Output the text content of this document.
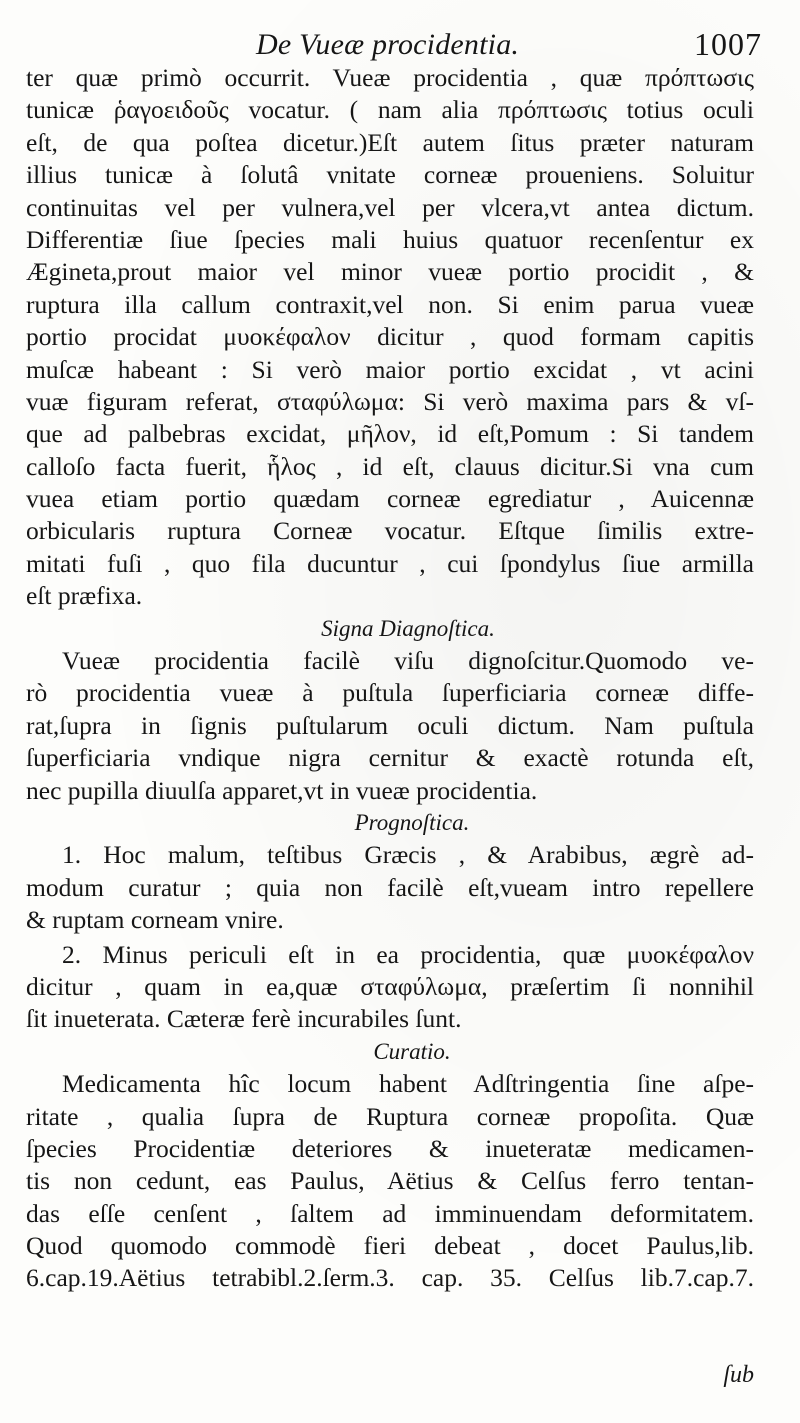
De Vueæ procidentia.	1007
ter quæ primò occurrit. Vueæ procidentia , quæ πρόπτωσις
tunicæ ῥαγοειδοῦς vocatur. ( nam alia πρόπτωσις totius oculi
eſt, de qua poſtea dicetur.)Eſt autem ſitus præter naturam
illius tunicæ à ſolutâ vnitate corneæ proueniens. Soluitur
continuitas vel per vulnera,vel per vlcera,vt antea dictum.
Differentiæ ſiue ſpecies mali huius quatuor recenſentur ex
Ægineta,prout maior vel minor vueæ portio procidit , &
ruptura illa callum contraxit,vel non. Si enim parua vueæ
portio procidat μυοκέφαλον dicitur , quod formam capitis
muſcæ habeant : Si verò maior portio excidat , vt acini
vuæ figuram referat, σταφύλωμα: Si verò maxima pars & vſ-
que ad palbebras excidat, μῆλον, id eſt,Pomum : Si tandem
calloſo facta fuerit, ἧλος , id eſt, clauus dicitur.Si vna cum
vuea etiam portio quædam corneæ egrediatur , Auicennæ
orbicularis ruptura Corneæ vocatur. Eſtque ſimilis extre-
mitati fuſi , quo fila ducuntur , cui ſpondylus ſiue armilla
eſt præfixa.
Signa Diagnoſtica.
Vueæ procidentia facilè viſu dignoſcitur.Quomodo ve-
rò procidentia vueæ à puſtula ſuperficiaria corneæ diffe-
rat,ſupra in ſignis puſtularum oculi dictum. Nam puſtula
ſuperficiaria vndique nigra cernitur & exactè rotunda eſt,
nec pupilla diuulſa apparet,vt in vueæ procidentia.
Prognoſtica.
1. Hoc malum, teſtibus Græcis , & Arabibus, ægrè ad-
modum curatur ; quia non facilè eſt,vueam intro repellere
& ruptam corneam vnire.
2. Minus periculi eſt in ea procidentia, quæ μυοκέφαλον
dicitur , quam in ea,quæ σταφύλωμα, præſertim ſi nonnihil
ſit inueterata. Cæteræ ferè incurabiles ſunt.
Curatio.
Medicamenta hîc locum habent Adſtringentia ſine aſpe-
ritate , qualia ſupra de Ruptura corneæ propoſita. Quæ
ſpecies Procidentiæ deteriores & inueteratæ medicamen-
tis non cedunt, eas Paulus, Aëtius & Celſus ferro tentan-
das eſſe cenſent , ſaltem ad imminuendam deformitatem.
Quod quomodo commodè fieri debeat , docet Paulus,lib.
6.cap.19.Aëtius tetrabibl.2.ſerm.3. cap. 35. Celſus lib.7.cap.7.
ſub
